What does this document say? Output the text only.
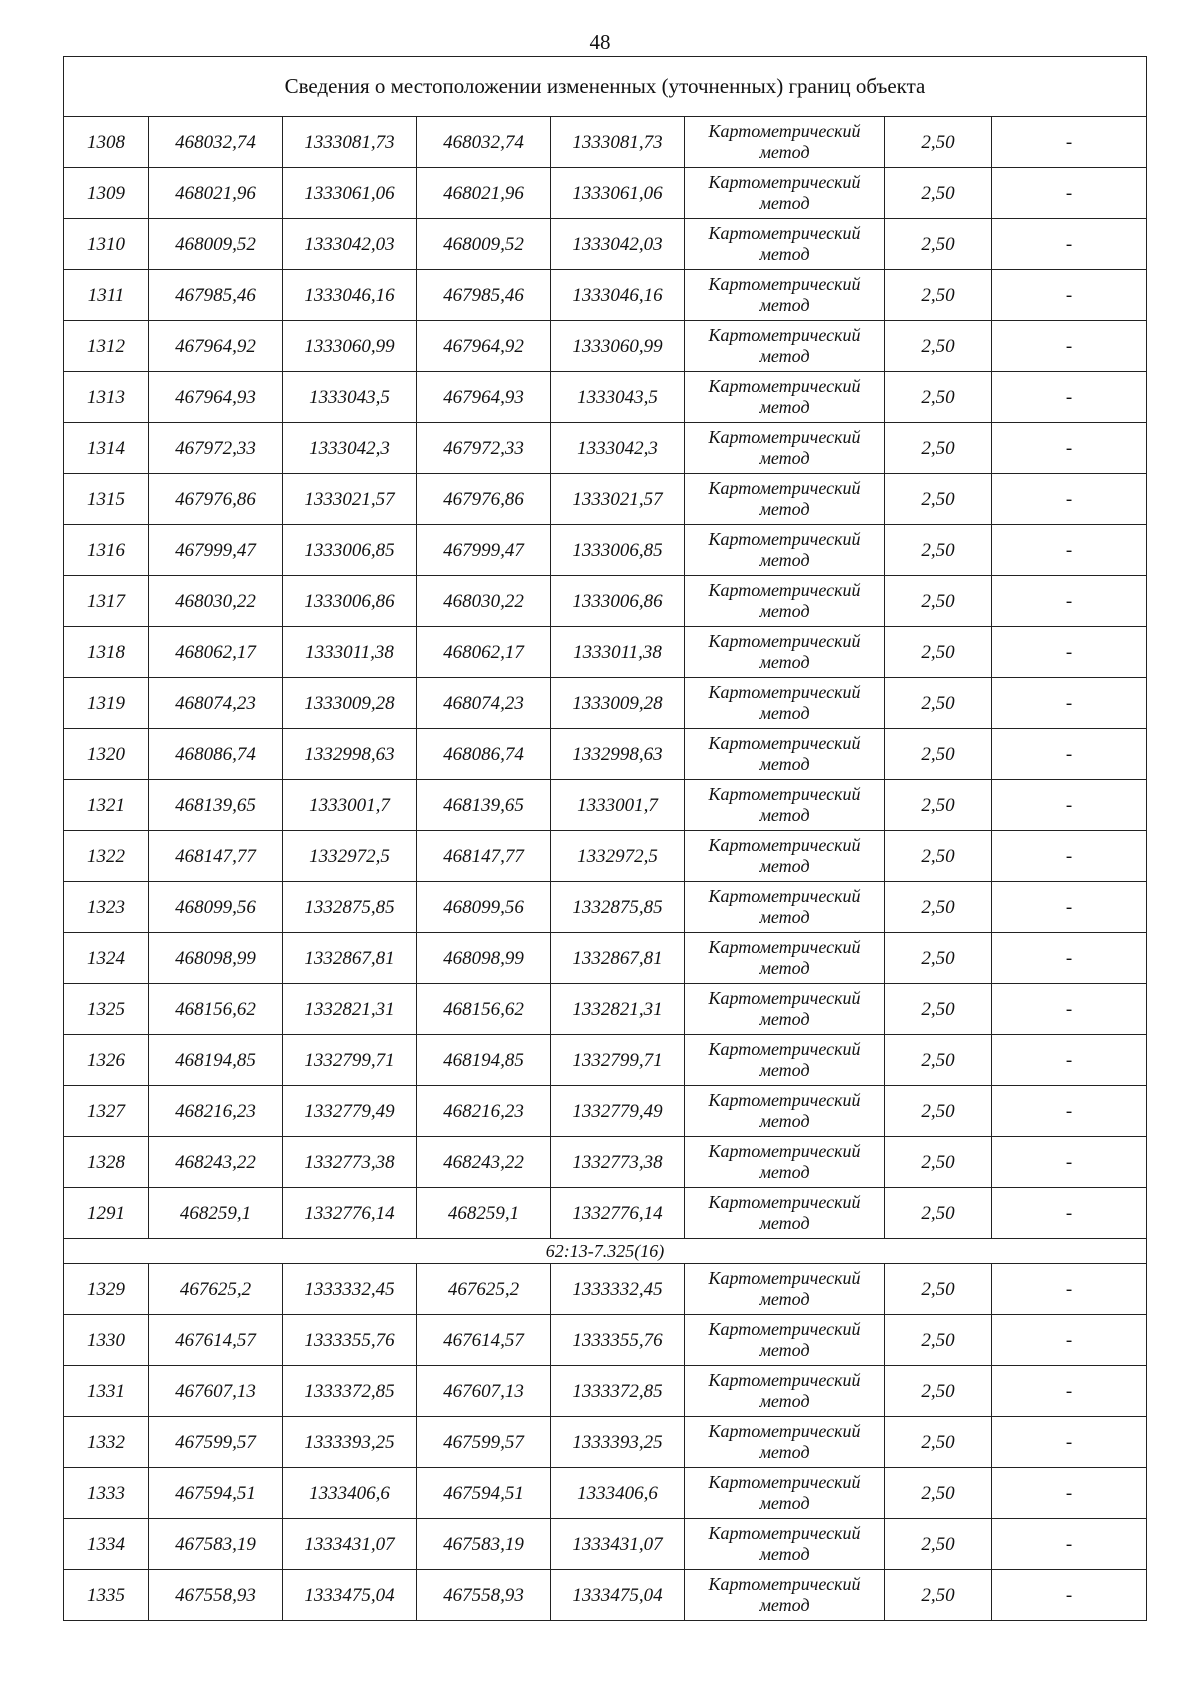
48
Сведения о местоположении измененных (уточненных) границ объекта							
1308	468032,74	1333081,73	468032,74	1333081,73	Картометрический
метод	2,50	-
1309	468021,96	1333061,06	468021,96	1333061,06	Картометрический
метод	2,50	-
1310	468009,52	1333042,03	468009,52	1333042,03	Картометрический
метод	2,50	-
1311	467985,46	1333046,16	467985,46	1333046,16	Картометрический
метод	2,50	-
1312	467964,92	1333060,99	467964,92	1333060,99	Картометрический
метод	2,50	-
1313	467964,93	1333043,5	467964,93	1333043,5	Картометрический
метод	2,50	-
1314	467972,33	1333042,3	467972,33	1333042,3	Картометрический
метод	2,50	-
1315	467976,86	1333021,57	467976,86	1333021,57	Картометрический
метод	2,50	-
1316	467999,47	1333006,85	467999,47	1333006,85	Картометрический
метод	2,50	-
1317	468030,22	1333006,86	468030,22	1333006,86	Картометрический
метод	2,50	-
1318	468062,17	1333011,38	468062,17	1333011,38	Картометрический
метод	2,50	-
1319	468074,23	1333009,28	468074,23	1333009,28	Картометрический
метод	2,50	-
1320	468086,74	1332998,63	468086,74	1332998,63	Картометрический
метод	2,50	-
1321	468139,65	1333001,7	468139,65	1333001,7	Картометрический
метод	2,50	-
1322	468147,77	1332972,5	468147,77	1332972,5	Картометрический
метод	2,50	-
1323	468099,56	1332875,85	468099,56	1332875,85	Картометрический
метод	2,50	-
1324	468098,99	1332867,81	468098,99	1332867,81	Картометрический
метод	2,50	-
1325	468156,62	1332821,31	468156,62	1332821,31	Картометрический
метод	2,50	-
1326	468194,85	1332799,71	468194,85	1332799,71	Картометрический
метод	2,50	-
1327	468216,23	1332779,49	468216,23	1332779,49	Картометрический
метод	2,50	-
1328	468243,22	1332773,38	468243,22	1332773,38	Картометрический
метод	2,50	-
1291	468259,1	1332776,14	468259,1	1332776,14	Картометрический
метод	2,50	-
62:13-7.325(16)							
1329	467625,2	1333332,45	467625,2	1333332,45	Картометрический
метод	2,50	-
1330	467614,57	1333355,76	467614,57	1333355,76	Картометрический
метод	2,50	-
1331	467607,13	1333372,85	467607,13	1333372,85	Картометрический
метод	2,50	-
1332	467599,57	1333393,25	467599,57	1333393,25	Картометрический
метод	2,50	-
1333	467594,51	1333406,6	467594,51	1333406,6	Картометрический
метод	2,50	-
1334	467583,19	1333431,07	467583,19	1333431,07	Картометрический
метод	2,50	-
1335	467558,93	1333475,04	467558,93	1333475,04	Картометрический
метод	2,50	-
